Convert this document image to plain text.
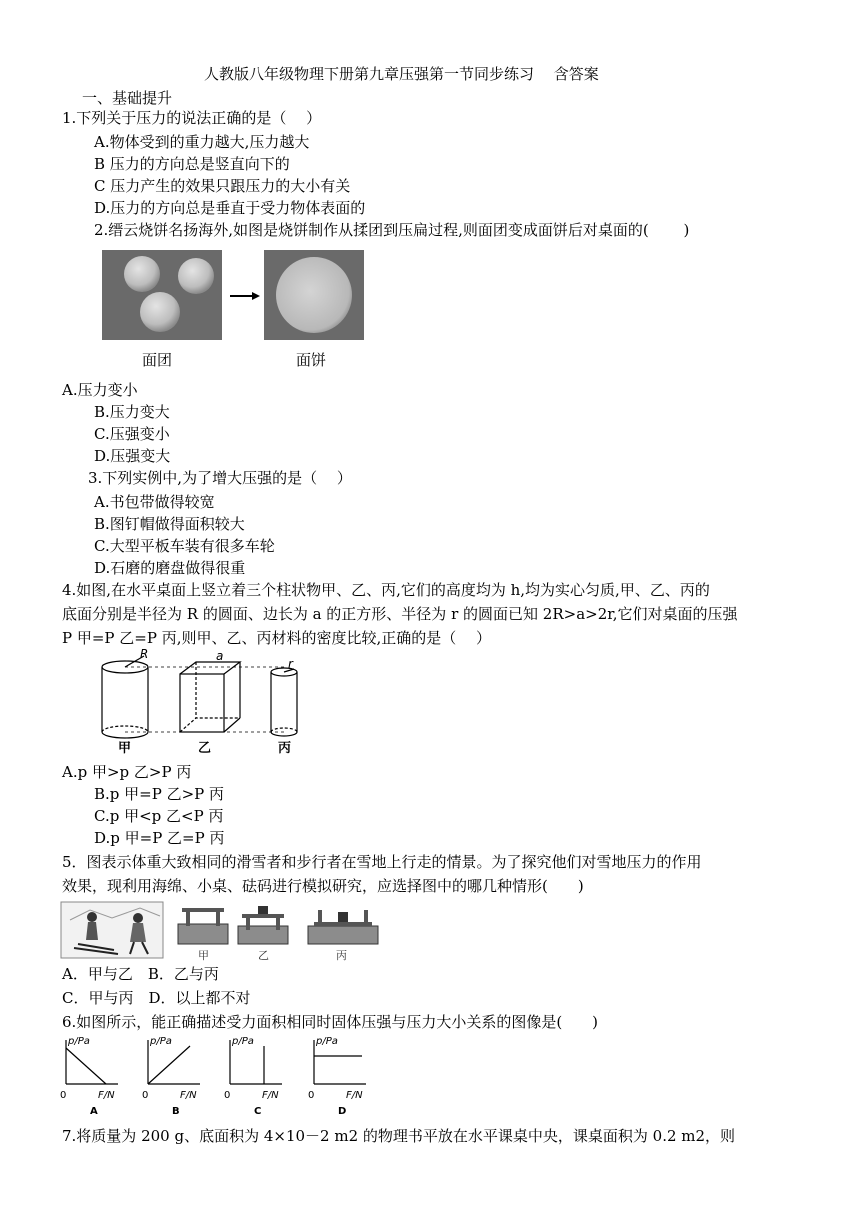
人教版八年级物理下册第九章压强第一节同步练习　 含答案
一、基础提升
1.下列关于压力的说法正确的是（　 ）
A.物体受到的重力越大,压力越大
B 压力的方向总是竖直向下的
C 压力产生的效果只跟压力的大小有关
D.压力的方向总是垂直于受力物体表面的
2.缙云烧饼名扬海外,如图是烧饼制作从揉团到压扁过程,则面团变成面饼后对桌面的(　 　)
面团	面饼
A.压力变小
B.压力变大
C.压强变小
D.压强变大
3.下列实例中,为了增大压强的是（　 ）
A.书包带做得较宽
B.图钉帽做得面积较大
C.大型平板车装有很多车轮
D.石磨的磨盘做得很重
4.如图,在水平桌面上竖立着三个柱状物甲、乙、丙,它们的高度均为 h,均为实心匀质,甲、乙、丙的
底面分别是半径为 R 的圆面、边长为 a 的正方形、半径为 r 的圆面已知 2R>a>2r,它们对桌面的压强
P 甲=P 乙=P 丙,则甲、乙、丙材料的密度比较,正确的是（　 ）
R	a
r
甲	乙	丙
A.p 甲>p 乙>P 丙
B.p 甲=P 乙>P 丙
C.p 甲<p 乙<P 丙
D.p 甲=P 乙=P 丙
5．图表示体重大致相同的滑雪者和步行者在雪地上行走的情景。为了探究他们对雪地压力的作用
效果，现利用海绵、小桌、砝码进行模拟研究，应选择图中的哪几种情形(　　)
甲	乙	丙
A．甲与乙　B．乙与丙
C．甲与丙　D．以上都不对
6.如图所示，能正确描述受力面积相同时固体压强与压力大小关系的图像是(　　)
p/Pa	p/Pa	p/Pa	p/Pa
F/N	F/N	F/N	F/N
0	0	0	0
A	B	C	D
7.将质量为 200 g、底面积为 4×10－2 m2 的物理书平放在水平课桌中央，课桌面积为 0.2 m2，则
